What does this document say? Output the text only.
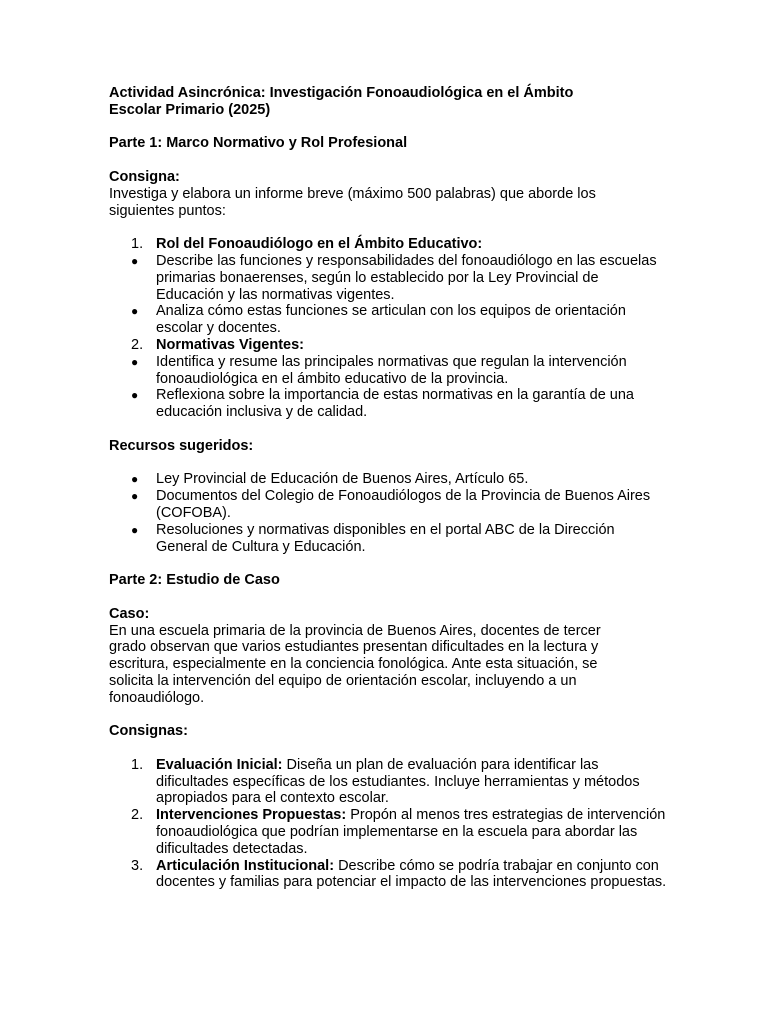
Actividad Asincrónica: Investigación Fonoaudiológica en el Ámbito Escolar Primario (2025)

Parte 1: Marco Normativo y Rol Profesional

Consigna:

Investiga y elabora un informe breve (máximo 500 palabras) que aborde los siguientes puntos:

1. Rol del Fonoaudiólogo en el Ámbito Educativo:
●	Describe las funciones y responsabilidades del fonoaudiólogo en las escuelas primarias bonaerenses, según lo establecido por la Ley Provincial de Educación y las normativas vigentes.
●	Analiza cómo estas funciones se articulan con los equipos de orientación escolar y docentes.
2. Normativas Vigentes:
●	Identifica y resume las principales normativas que regulan la intervención fonoaudiológica en el ámbito educativo de la provincia.
●	Reflexiona sobre la importancia de estas normativas en la garantía de una educación inclusiva y de calidad.

Recursos sugeridos:

●	Ley Provincial de Educación de Buenos Aires, Artículo 65.
●	Documentos del Colegio de Fonoaudiólogos de la Provincia de Buenos Aires (COFOBA).
●	Resoluciones y normativas disponibles en el portal ABC de la Dirección General de Cultura y Educación.

Parte 2: Estudio de Caso

Caso:

En una escuela primaria de la provincia de Buenos Aires, docentes de tercer grado observan que varios estudiantes presentan dificultades en la lectura y escritura, especialmente en la conciencia fonológica. Ante esta situación, se solicita la intervención del equipo de orientación escolar, incluyendo a un fonoaudiólogo.

Consignas:

1. Evaluación Inicial: Diseña un plan de evaluación para identificar las dificultades específicas de los estudiantes. Incluye herramientas y métodos apropiados para el contexto escolar.
2. Intervenciones Propuestas: Propón al menos tres estrategias de intervención fonoaudiológica que podrían implementarse en la escuela para abordar las dificultades detectadas.
3. Articulación Institucional: Describe cómo se podría trabajar en conjunto con docentes y familias para potenciar el impacto de las intervenciones propuestas.
